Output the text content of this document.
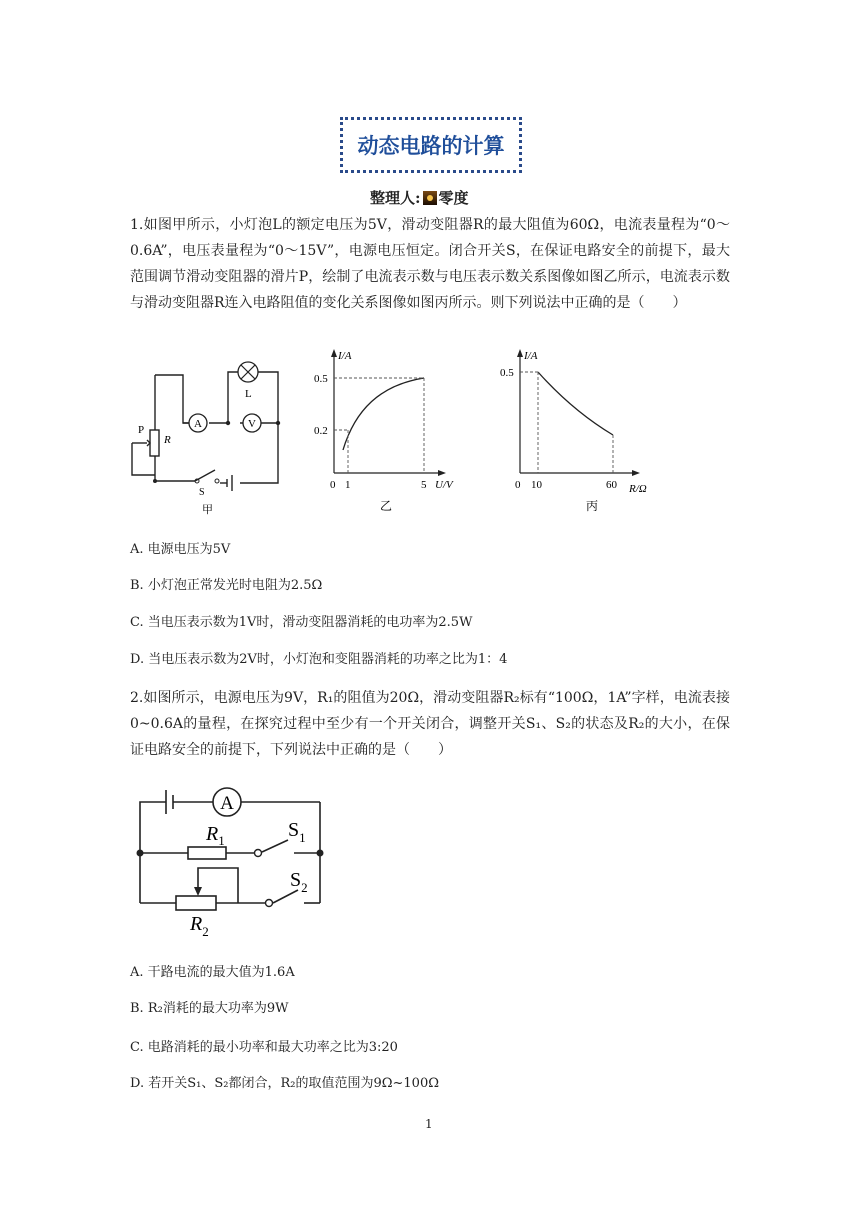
动态电路的计算
整理人: 零度
1.如图甲所示，小灯泡L的额定电压为5V，滑动变阻器R的最大阻值为60Ω，电流表量程为“0～0.6A”，电压表量程为“0～15V”，电源电压恒定。闭合开关S，在保证电路安全的前提下，最大范围调节滑动变阻器的滑片P，绘制了电流表示数与电压表示数关系图像如图乙所示，电流表示数与滑动变阻器R连入电路阻值的变化关系图像如图丙所示。则下列说法中正确的是（　　）
A	V
L
P
R
S
甲
I/A
0.5
0.2
0 1	5 U/V
乙
I/A
0.5
0 10	60 R/Ω
丙
A. 电源电压为5V
B. 小灯泡正常发光时电阻为2.5Ω
C. 当电压表示数为1V时，滑动变阻器消耗的电功率为2.5W
D. 当电压表示数为2V时，小灯泡和变阻器消耗的功率之比为1：4
2.如图所示，电源电压为9V，R₁的阻值为20Ω，滑动变阻器R₂标有“100Ω，1A”字样，电流表接0~0.6A的量程，在探究过程中至少有一个开关闭合，调整开关S₁、S₂的状态及R₂的大小，在保证电路安全的前提下，下列说法中正确的是（　　）
A
$R_1$	$S_1$
$S_2$
$R_2$
A. 干路电流的最大值为1.6A
B. R₂消耗的最大功率为9W
C. 电路消耗的最小功率和最大功率之比为3:20
D. 若开关S₁、S₂都闭合，R₂的取值范围为9Ω~100Ω
1
